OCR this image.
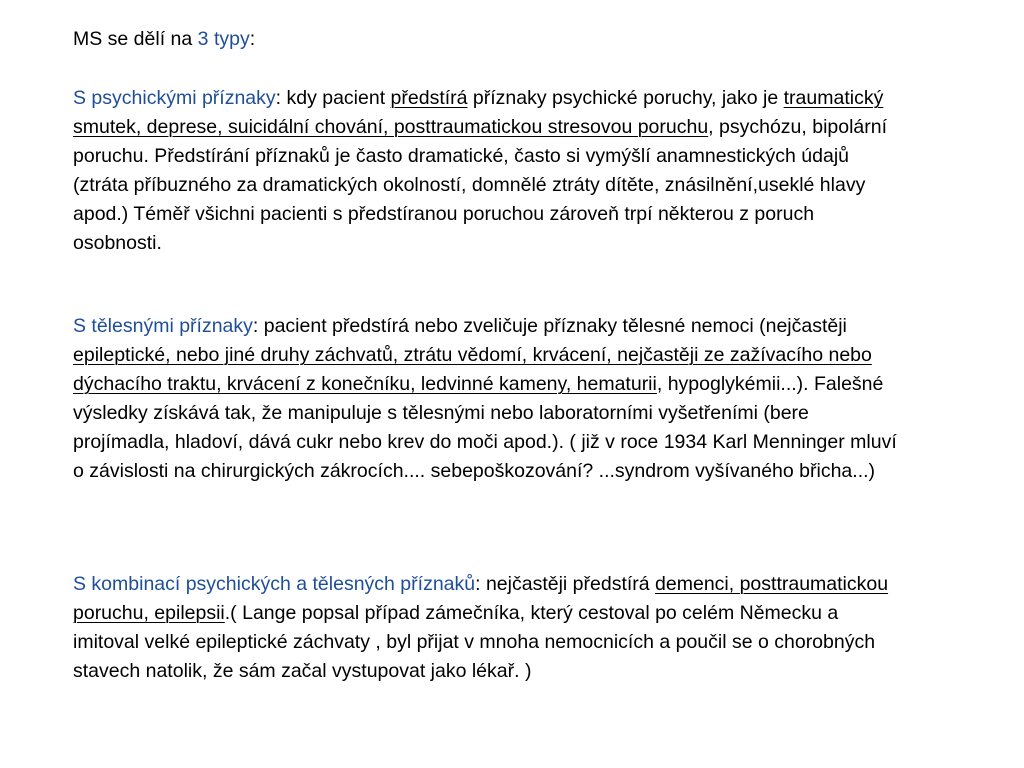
MS se dělí na 3 typy:

S psychickými příznaky: kdy pacient předstírá příznaky psychické poruchy, jako je traumatický smutek, deprese, suicidální chování, posttraumatickou stresovou poruchu, psychózu, bipolární poruchu. Předstírání příznaků je často dramatické, často si vymýšlí anamnestických údajů (ztráta příbuzného za dramatických okolností, domnělé ztráty dítěte, znásilnění,useklé hlavy apod.) Téměř všichni pacienti s předstíranou poruchou zároveň trpí některou z poruch osobnosti.

S tělesnými příznaky: pacient předstírá nebo zveličuje příznaky tělesné nemoci (nejčastěji epileptické, nebo jiné druhy záchvatů, ztrátu vědomí, krvácení, nejčastěji ze zažívacího nebo dýchacího traktu, krvácení z konečníku, ledvinné kameny, hematurii, hypoglykémii...). Falešné výsledky získává tak, že manipuluje s tělesnými nebo laboratorními vyšetřeními (bere projímadla, hladoví, dává cukr nebo krev do moči apod.). ( již v roce 1934 Karl Menninger mluví o závislosti na chirurgických zákrocích.... sebepoškozování? ...syndrom vyšívaného břicha...)

S kombinací psychických a tělesných příznaků: nejčastěji předstírá demenci, posttraumatickou poruchu, epilepsii.( Lange popsal případ zámečníka, který cestoval po celém Německu a imitoval velké epileptické záchvaty , byl přijat v mnoha nemocnicích a poučil se o chorobných stavech natolik, že sám začal vystupovat jako lékař. )
